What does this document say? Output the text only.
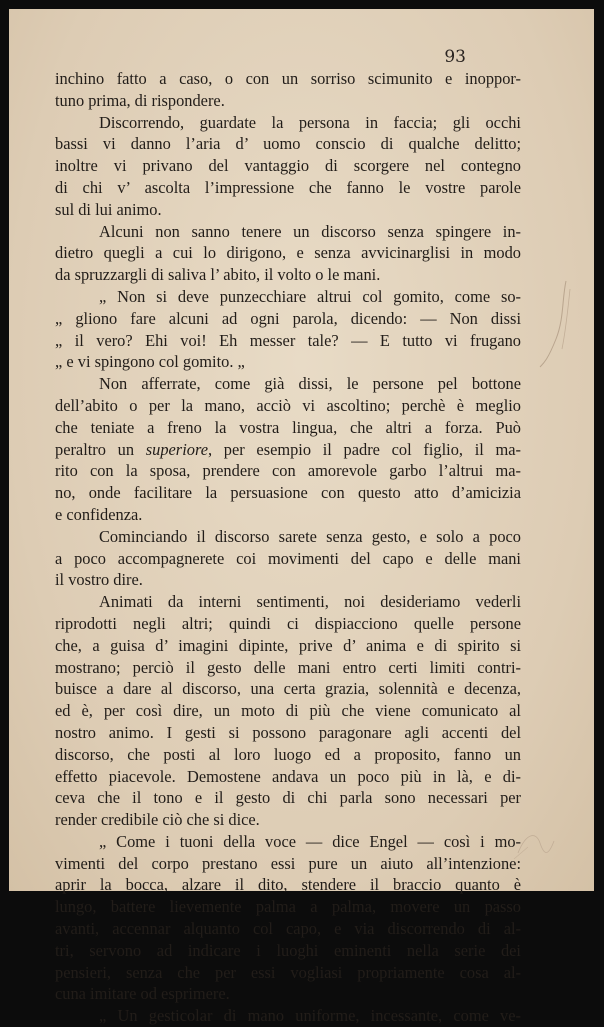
93
inchino fatto a caso, o con un sorriso scimunito e inoppor-
tuno prima, di rispondere.
Discorrendo, guardate la persona in faccia; gli occhi
bassi vi danno l’aria d’ uomo conscio di qualche delitto;
inoltre vi privano del vantaggio di scorgere nel contegno
di chi v’ ascolta l’impressione che fanno le vostre parole
sul di lui animo.
Alcuni non sanno tenere un discorso senza spingere in-
dietro quegli a cui lo dirigono, e senza avvicinarglisi in modo
da spruzzargli di saliva l’ abito, il volto o le mani.
„ Non si deve punzecchiare altrui col gomito, come so-
„ gliono fare alcuni ad ogni parola, dicendo: — Non dissi
„ il vero? Ehi voi! Eh messer tale? — E tutto vi frugano
„ e vi spingono col gomito. „
Non afferrate, come già dissi, le persone pel bottone
dell’abito o per la mano, acciò vi ascoltino; perchè è meglio
che teniate a freno la vostra lingua, che altri a forza. Può
peraltro un superiore, per esempio il padre col figlio, il ma-
rito con la sposa, prendere con amorevole garbo l’altrui ma-
no, onde facilitare la persuasione con questo atto d’amicizia
e confidenza.
Cominciando il discorso sarete senza gesto, e solo a poco
a poco accompagnerete coi movimenti del capo e delle mani
il vostro dire.
Animati da interni sentimenti, noi desideriamo vederli
riprodotti negli altri; quindi ci dispiacciono quelle persone
che, a guisa d’ imagini dipinte, prive d’ anima e di spirito si
mostrano; perciò il gesto delle mani entro certi limiti contri-
buisce a dare al discorso, una certa grazia, solennità e decenza,
ed è, per così dire, un moto di più che viene comunicato al
nostro animo. I gesti si possono paragonare agli accenti del
discorso, che posti al loro luogo ed a proposito, fanno un
effetto piacevole. Demostene andava un poco più in là, e di-
ceva che il tono e il gesto di chi parla sono necessari per
render credibile ciò che si dice.
„ Come i tuoni della voce — dice Engel — così i mo-
vimenti del corpo prestano essi pure un aiuto all’intenzione:
aprir la bocca, alzare il dito, stendere il braccio quanto è
lungo, battere lievemente palma a palma, movere un passo
avanti, accennar alquanto col capo, e via discorrendo di al-
tri, servono ad indicare i luoghi eminenti nella serie dei
pensieri, senza che per essi vogliasi propriamente cosa al-
cuna imitare od esprimere.
„ Un gesticolar di mano uniforme, incessante, come ve-
